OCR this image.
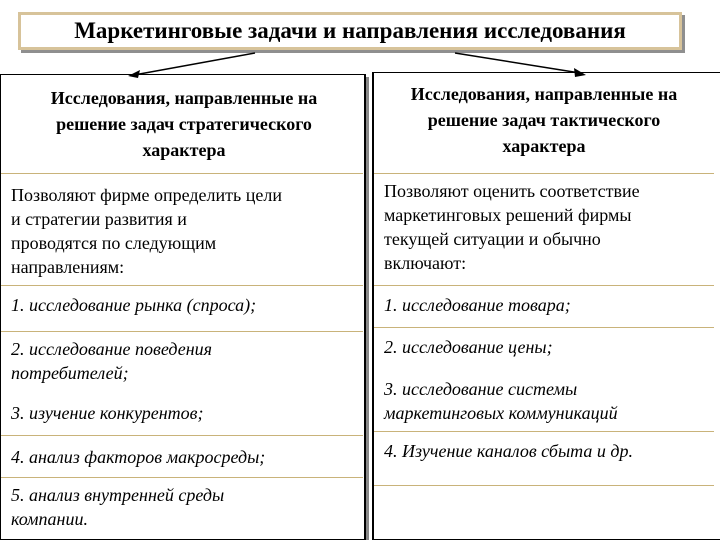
Маркетинговые задачи и направления исследования
Исследования, направленные на
решение задач стратегического
характера
Позволяют фирме определить цели
и стратегии развития и
проводятся по следующим
направлениям:
1. исследование рынка (спроса);
2. исследование поведения
потребителей;
3. изучение конкурентов;
4. анализ факторов макросреды;
5. анализ внутренней среды
компании.
Исследования, направленные на
решение задач тактического
характера
Позволяют оценить соответствие
маркетинговых решений фирмы
текущей ситуации и обычно
включают:
1. исследование товара;
2. исследование цены;
3. исследование системы
маркетинговых коммуникаций
4. Изучение каналов сбыта и др.
